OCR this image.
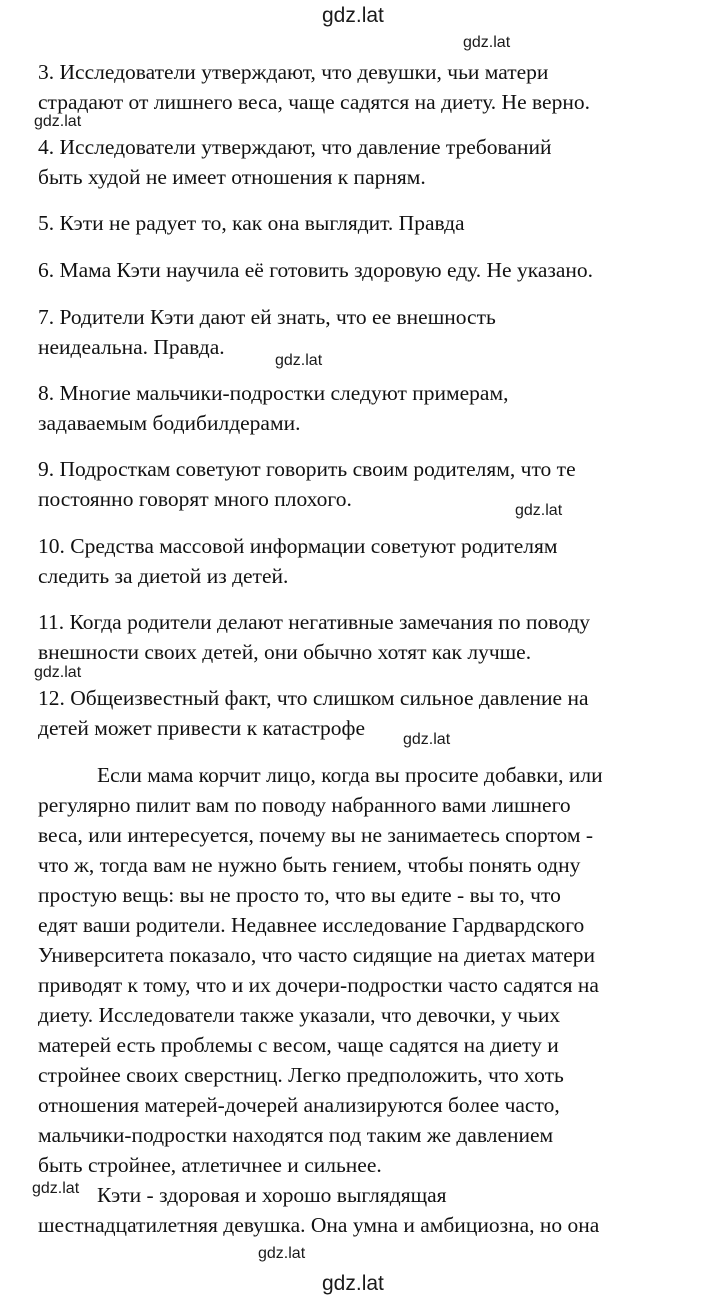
gdz.lat
gdz.lat
gdz.lat
gdz.lat
gdz.lat
gdz.lat
gdz.lat
gdz.lat
gdz.lat
gdz.lat
3. Исследователи утверждают, что девушки, чьи матери
страдают от лишнего веса, чаще садятся на диету. Не верно.
4. Исследователи утверждают, что давление требований
быть худой не имеет отношения к парням.
5. Кэти не радует то, как она выглядит. Правда
6. Мама Кэти научила её готовить здоровую еду. Не указано.
7. Родители Кэти дают ей знать, что ее внешность
неидеальна. Правда.
8. Многие мальчики-подростки следуют примерам,
задаваемым бодибилдерами.
9. Подросткам советуют говорить своим родителям, что те
постоянно говорят много плохого.
10. Средства массовой информации советуют родителям
следить за диетой из детей.
11. Когда родители делают негативные замечания по поводу
внешности своих детей, они обычно хотят как лучше.
12. Общеизвестный факт, что слишком сильное давление на
детей может привести к катастрофе
Если мама корчит лицо, когда вы просите добавки, или
регулярно пилит вам по поводу набранного вами лишнего
веса, или интересуется, почему вы не занимаетесь спортом -
что ж, тогда вам не нужно быть гением, чтобы понять одну
простую вещь: вы не просто то, что вы едите - вы то, что
едят ваши родители. Недавнее исследование Гардвардского
Университета показало, что часто сидящие на диетах матери
приводят к тому, что и их дочери-подростки часто садятся на
диету. Исследователи также указали, что девочки, у чьих
матерей есть проблемы с весом, чаще садятся на диету и
стройнее своих сверстниц. Легко предположить, что хоть
отношения матерей-дочерей анализируются более часто,
мальчики-подростки находятся под таким же давлением
быть стройнее, атлетичнее и сильнее.
Кэти - здоровая и хорошо выглядящая
шестнадцатилетняя девушка. Она умна и амбициозна, но она
